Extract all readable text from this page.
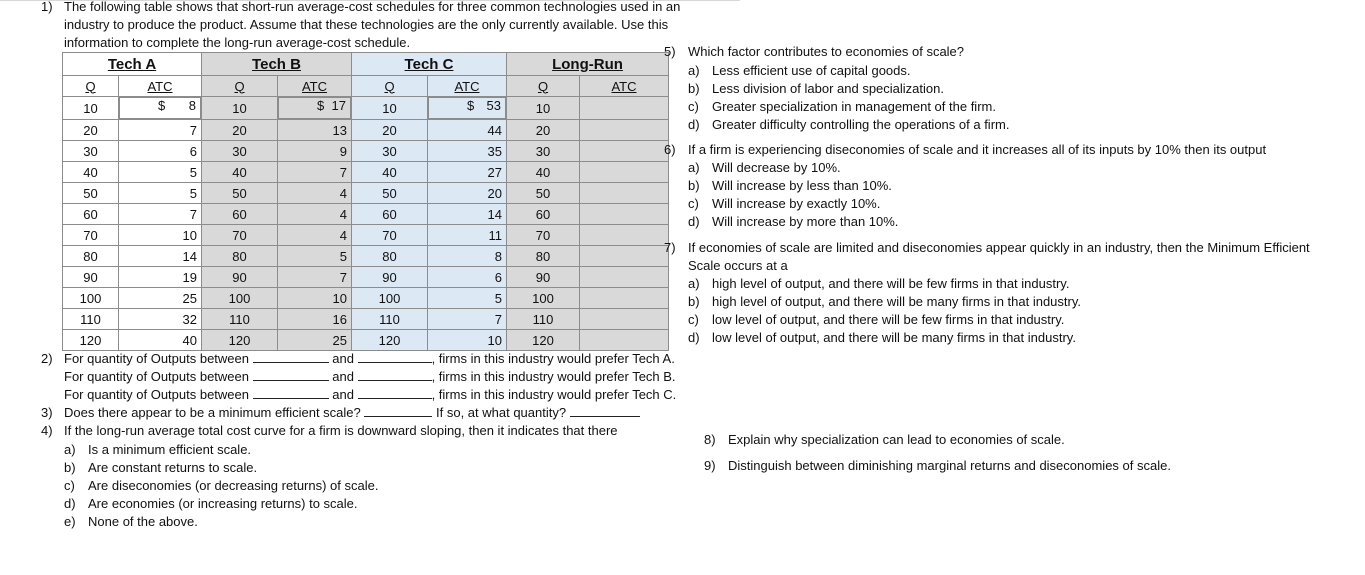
1) The following table shows that short-run average-cost schedules for three common technologies used in an
industry to produce the product. Assume that these technologies are the only currently available. Use this
information to complete the long-run average-cost schedule.
Tech A		Tech B		Tech C		Long-Run	
Q	ATC	Q	ATC	Q	ATC	Q	ATC
10		$ 8	10		$ 17	10		$ 53	10	
20	7	20	13	20	44	20	
30	6	30	9	30	35	30	
40	5	40	7	40	27	40	
50	5	50	4	50	20	50	
60	7	60	4	60	14	60	
70	10	70	4	70	11	70	
80	14	80	5	80	8	80	
90	19	90	7	90	6	90	
100	25	100	10	100	5	100	
110	32	110	16	110	7	110	
120	40	120	25	120	10	120	
2) For quantity of Outputs between	and	, firms in this industry would prefer Tech A.
For quantity of Outputs between	and	, firms in this industry would prefer Tech B.
For quantity of Outputs between	and	, firms in this industry would prefer Tech C.
3) Does there appear to be a minimum efficient scale?	If so, at what quantity?
4) If the long-run average total cost curve for a firm is downward sloping, then it indicates that there
a) Is a minimum efficient scale.
b) Are constant returns to scale.
c) Are diseconomies (or decreasing returns) of scale.
d) Are economies (or increasing returns) to scale.
e) None of the above.
5) Which factor contributes to economies of scale?
a) Less efficient use of capital goods.
b) Less division of labor and specialization.
c) Greater specialization in management of the firm.
d) Greater difficulty controlling the operations of a firm.
6) If a firm is experiencing diseconomies of scale and it increases all of its inputs by 10% then its output
a) Will decrease by 10%.
b) Will increase by less than 10%.
c) Will increase by exactly 10%.
d) Will increase by more than 10%.
7) If economies of scale are limited and diseconomies appear quickly in an industry, then the Minimum Efficient
Scale occurs at a
a) high level of output, and there will be few firms in that industry.
b) high level of output, and there will be many firms in that industry.
c) low level of output, and there will be few firms in that industry.
d) low level of output, and there will be many firms in that industry.
8) Explain why specialization can lead to economies of scale.
9) Distinguish between diminishing marginal returns and diseconomies of scale.
